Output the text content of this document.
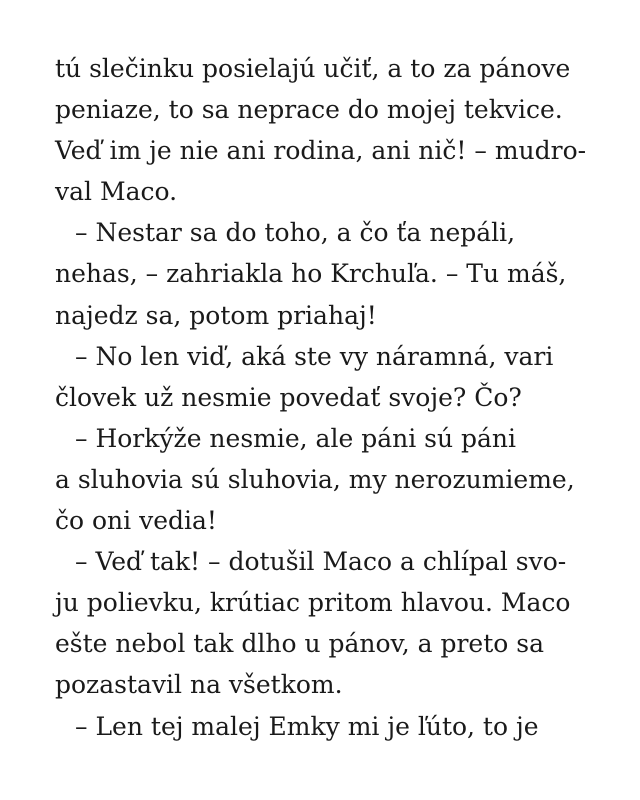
tú slečinku posielajú učiť, a to za pánove

peniaze, to sa neprace do mojej tekvice.

Veď im je nie ani rodina, ani nič! – mudro-

val Maco.

– Nestar sa do toho, a čo ťa nepáli,

nehas, – zahriakla ho Krchuľa. – Tu máš,

najedz sa, potom priahaj!

– No len viď, aká ste vy náramná, vari

človek už nesmie povedať svoje? Čo?

– Horkýže nesmie, ale páni sú páni

a sluhovia sú sluhovia, my nerozumieme,

čo oni vedia!

– Veď tak! – dotušil Maco a chlípal svo-

ju polievku, krútiac pritom hlavou. Maco

ešte nebol tak dlho u pánov, a preto sa

pozastavil na všetkom.

– Len tej malej Emky mi je ľúto, to je
